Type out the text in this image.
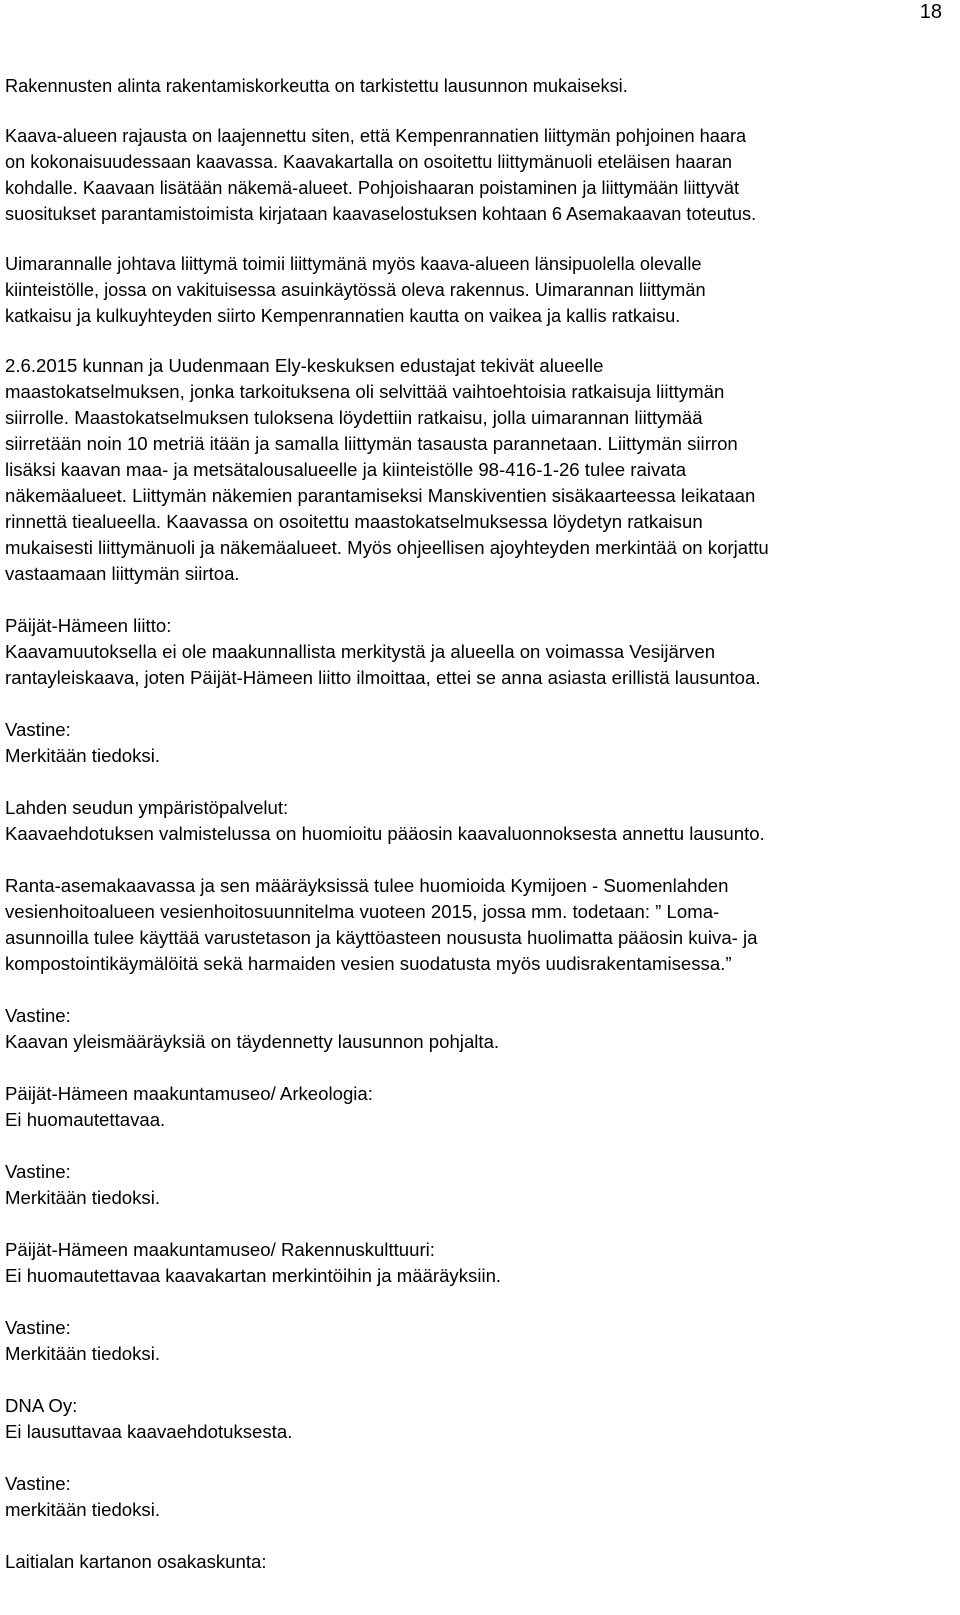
18

Rakennusten alinta rakentamiskorkeutta on tarkistettu lausunnon mukaiseksi.

Kaava-alueen rajausta on laajennettu siten, että Kempenrannatien liittymän pohjoinen haara
on kokonaisuudessaan kaavassa. Kaavakartalla on osoitettu liittymänuoli eteläisen haaran
kohdalle. Kaavaan lisätään näkemä-alueet. Pohjoishaaran poistaminen ja liittymään liittyvät
suositukset parantamistoimista kirjataan kaavaselostuksen kohtaan 6 Asemakaavan toteutus.

Uimarannalle johtava liittymä toimii liittymänä myös kaava-alueen länsipuolella olevalle
kiinteistölle, jossa on vakituisessa asuinkäytössä oleva rakennus. Uimarannan liittymän
katkaisu ja kulkuyhteyden siirto Kempenrannatien kautta on vaikea ja kallis ratkaisu.

2.6.2015 kunnan ja Uudenmaan Ely-keskuksen edustajat tekivät alueelle
maastokatselmuksen, jonka tarkoituksena oli selvittää vaihtoehtoisia ratkaisuja liittymän
siirrolle. Maastokatselmuksen tuloksena löydettiin ratkaisu, jolla uimarannan liittymää
siirretään noin 10 metriä itään ja samalla liittymän tasausta parannetaan. Liittymän siirron
lisäksi kaavan maa- ja metsätalousalueelle ja kiinteistölle 98-416-1-26 tulee raivata
näkemäalueet. Liittymän näkemien parantamiseksi Manskiventien sisäkaarteessa leikataan
rinnettä tiealueella. Kaavassa on osoitettu maastokatselmuksessa löydetyn ratkaisun
mukaisesti liittymänuoli ja näkemäalueet. Myös ohjeellisen ajoyhteyden merkintää on korjattu
vastaamaan liittymän siirtoa.

Päijät-Hämeen liitto:
Kaavamuutoksella ei ole maakunnallista merkitystä ja alueella on voimassa Vesijärven
rantayleiskaava, joten Päijät-Hämeen liitto ilmoittaa, ettei se anna asiasta erillistä lausuntoa.

Vastine:
Merkitään tiedoksi.

Lahden seudun ympäristöpalvelut:
Kaavaehdotuksen valmistelussa on huomioitu pääosin kaavaluonnoksesta annettu lausunto.

Ranta-asemakaavassa ja sen määräyksissä tulee huomioida Kymijoen - Suomenlahden
vesienhoitoalueen vesienhoitosuunnitelma vuoteen 2015, jossa mm. todetaan: ” Loma-
asunnoilla tulee käyttää varustetason ja käyttöasteen noususta huolimatta pääosin kuiva- ja
kompostointikäymälöitä sekä harmaiden vesien suodatusta myös uudisrakentamisessa.”

Vastine:
Kaavan yleismääräyksiä on täydennetty lausunnon pohjalta.

Päijät-Hämeen maakuntamuseo/ Arkeologia:
Ei huomautettavaa.

Vastine:
Merkitään tiedoksi.

Päijät-Hämeen maakuntamuseo/ Rakennuskulttuuri:
Ei huomautettavaa kaavakartan merkintöihin ja määräyksiin.

Vastine:
Merkitään tiedoksi.

DNA Oy:
Ei lausuttavaa kaavaehdotuksesta.

Vastine:
merkitään tiedoksi.

Laitialan kartanon osakaskunta:
